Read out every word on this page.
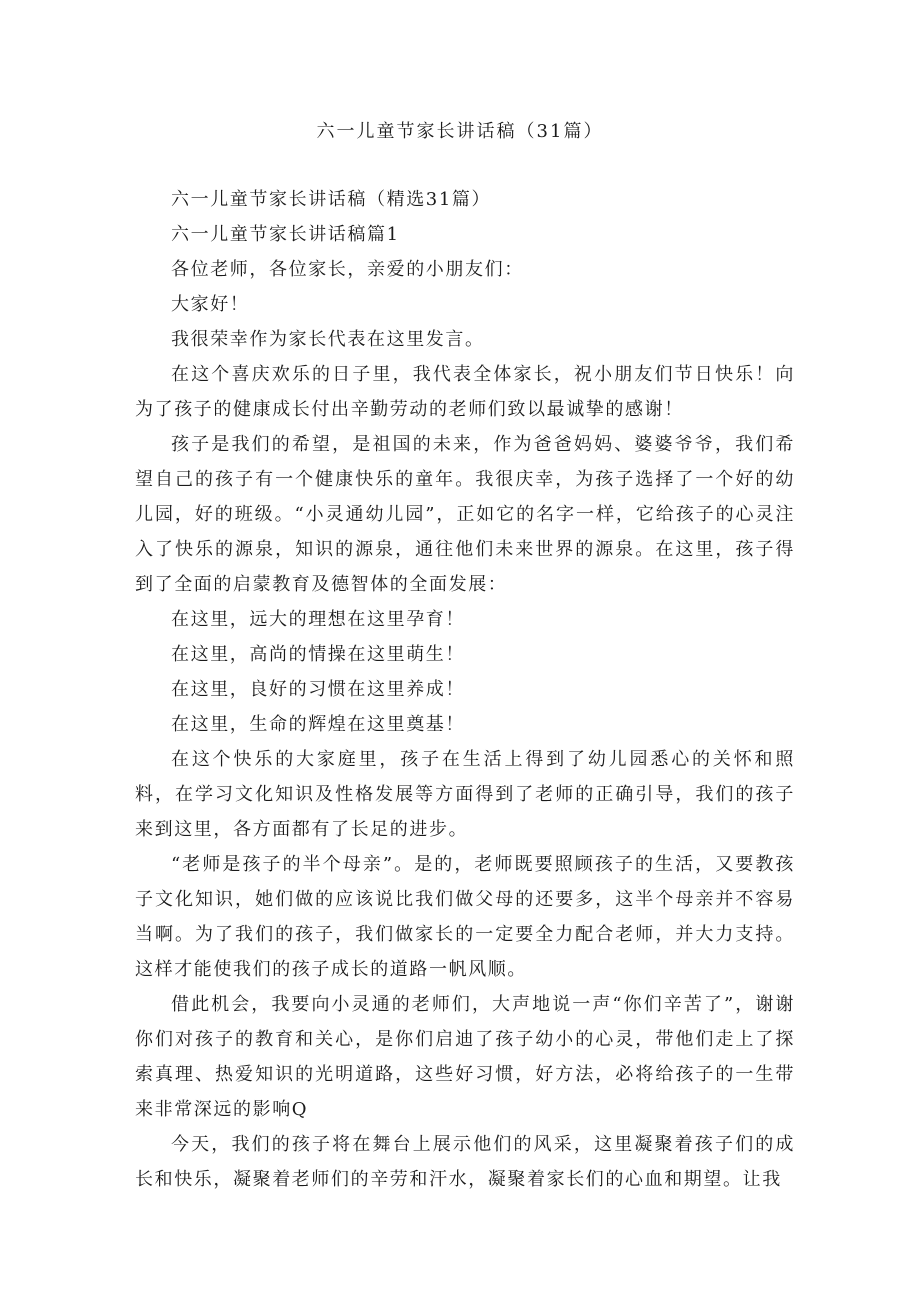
六一儿童节家长讲话稿（31篇）

六一儿童节家长讲话稿（精选31篇）

六一儿童节家长讲话稿篇1

各位老师，各位家长，亲爱的小朋友们：

大家好！

我很荣幸作为家长代表在这里发言。

在这个喜庆欢乐的日子里，我代表全体家长，祝小朋友们节日快乐！向为了孩子的健康成长付出辛勤劳动的老师们致以最诚挚的感谢！

孩子是我们的希望，是祖国的未来，作为爸爸妈妈、婆婆爷爷，我们希望自己的孩子有一个健康快乐的童年。我很庆幸，为孩子选择了一个好的幼儿园，好的班级。“小灵通幼儿园”，正如它的名字一样，它给孩子的心灵注入了快乐的源泉，知识的源泉，通往他们未来世界的源泉。在这里，孩子得到了全面的启蒙教育及德智体的全面发展：

在这里，远大的理想在这里孕育！

在这里，高尚的情操在这里萌生！

在这里，良好的习惯在这里养成！

在这里，生命的辉煌在这里奠基！

在这个快乐的大家庭里，孩子在生活上得到了幼儿园悉心的关怀和照料，在学习文化知识及性格发展等方面得到了老师的正确引导，我们的孩子来到这里，各方面都有了长足的进步。

“老师是孩子的半个母亲”。是的，老师既要照顾孩子的生活，又要教孩子文化知识，她们做的应该说比我们做父母的还要多，这半个母亲并不容易当啊。为了我们的孩子，我们做家长的一定要全力配合老师，并大力支持。这样才能使我们的孩子成长的道路一帆风顺。

借此机会，我要向小灵通的老师们，大声地说一声“你们辛苦了”，谢谢你们对孩子的教育和关心，是你们启迪了孩子幼小的心灵，带他们走上了探索真理、热爱知识的光明道路，这些好习惯，好方法，必将给孩子的一生带来非常深远的影响Q

今天，我们的孩子将在舞台上展示他们的风采，这里凝聚着孩子们的成长和快乐，凝聚着老师们的辛劳和汗水，凝聚着家长们的心血和期望。让我
